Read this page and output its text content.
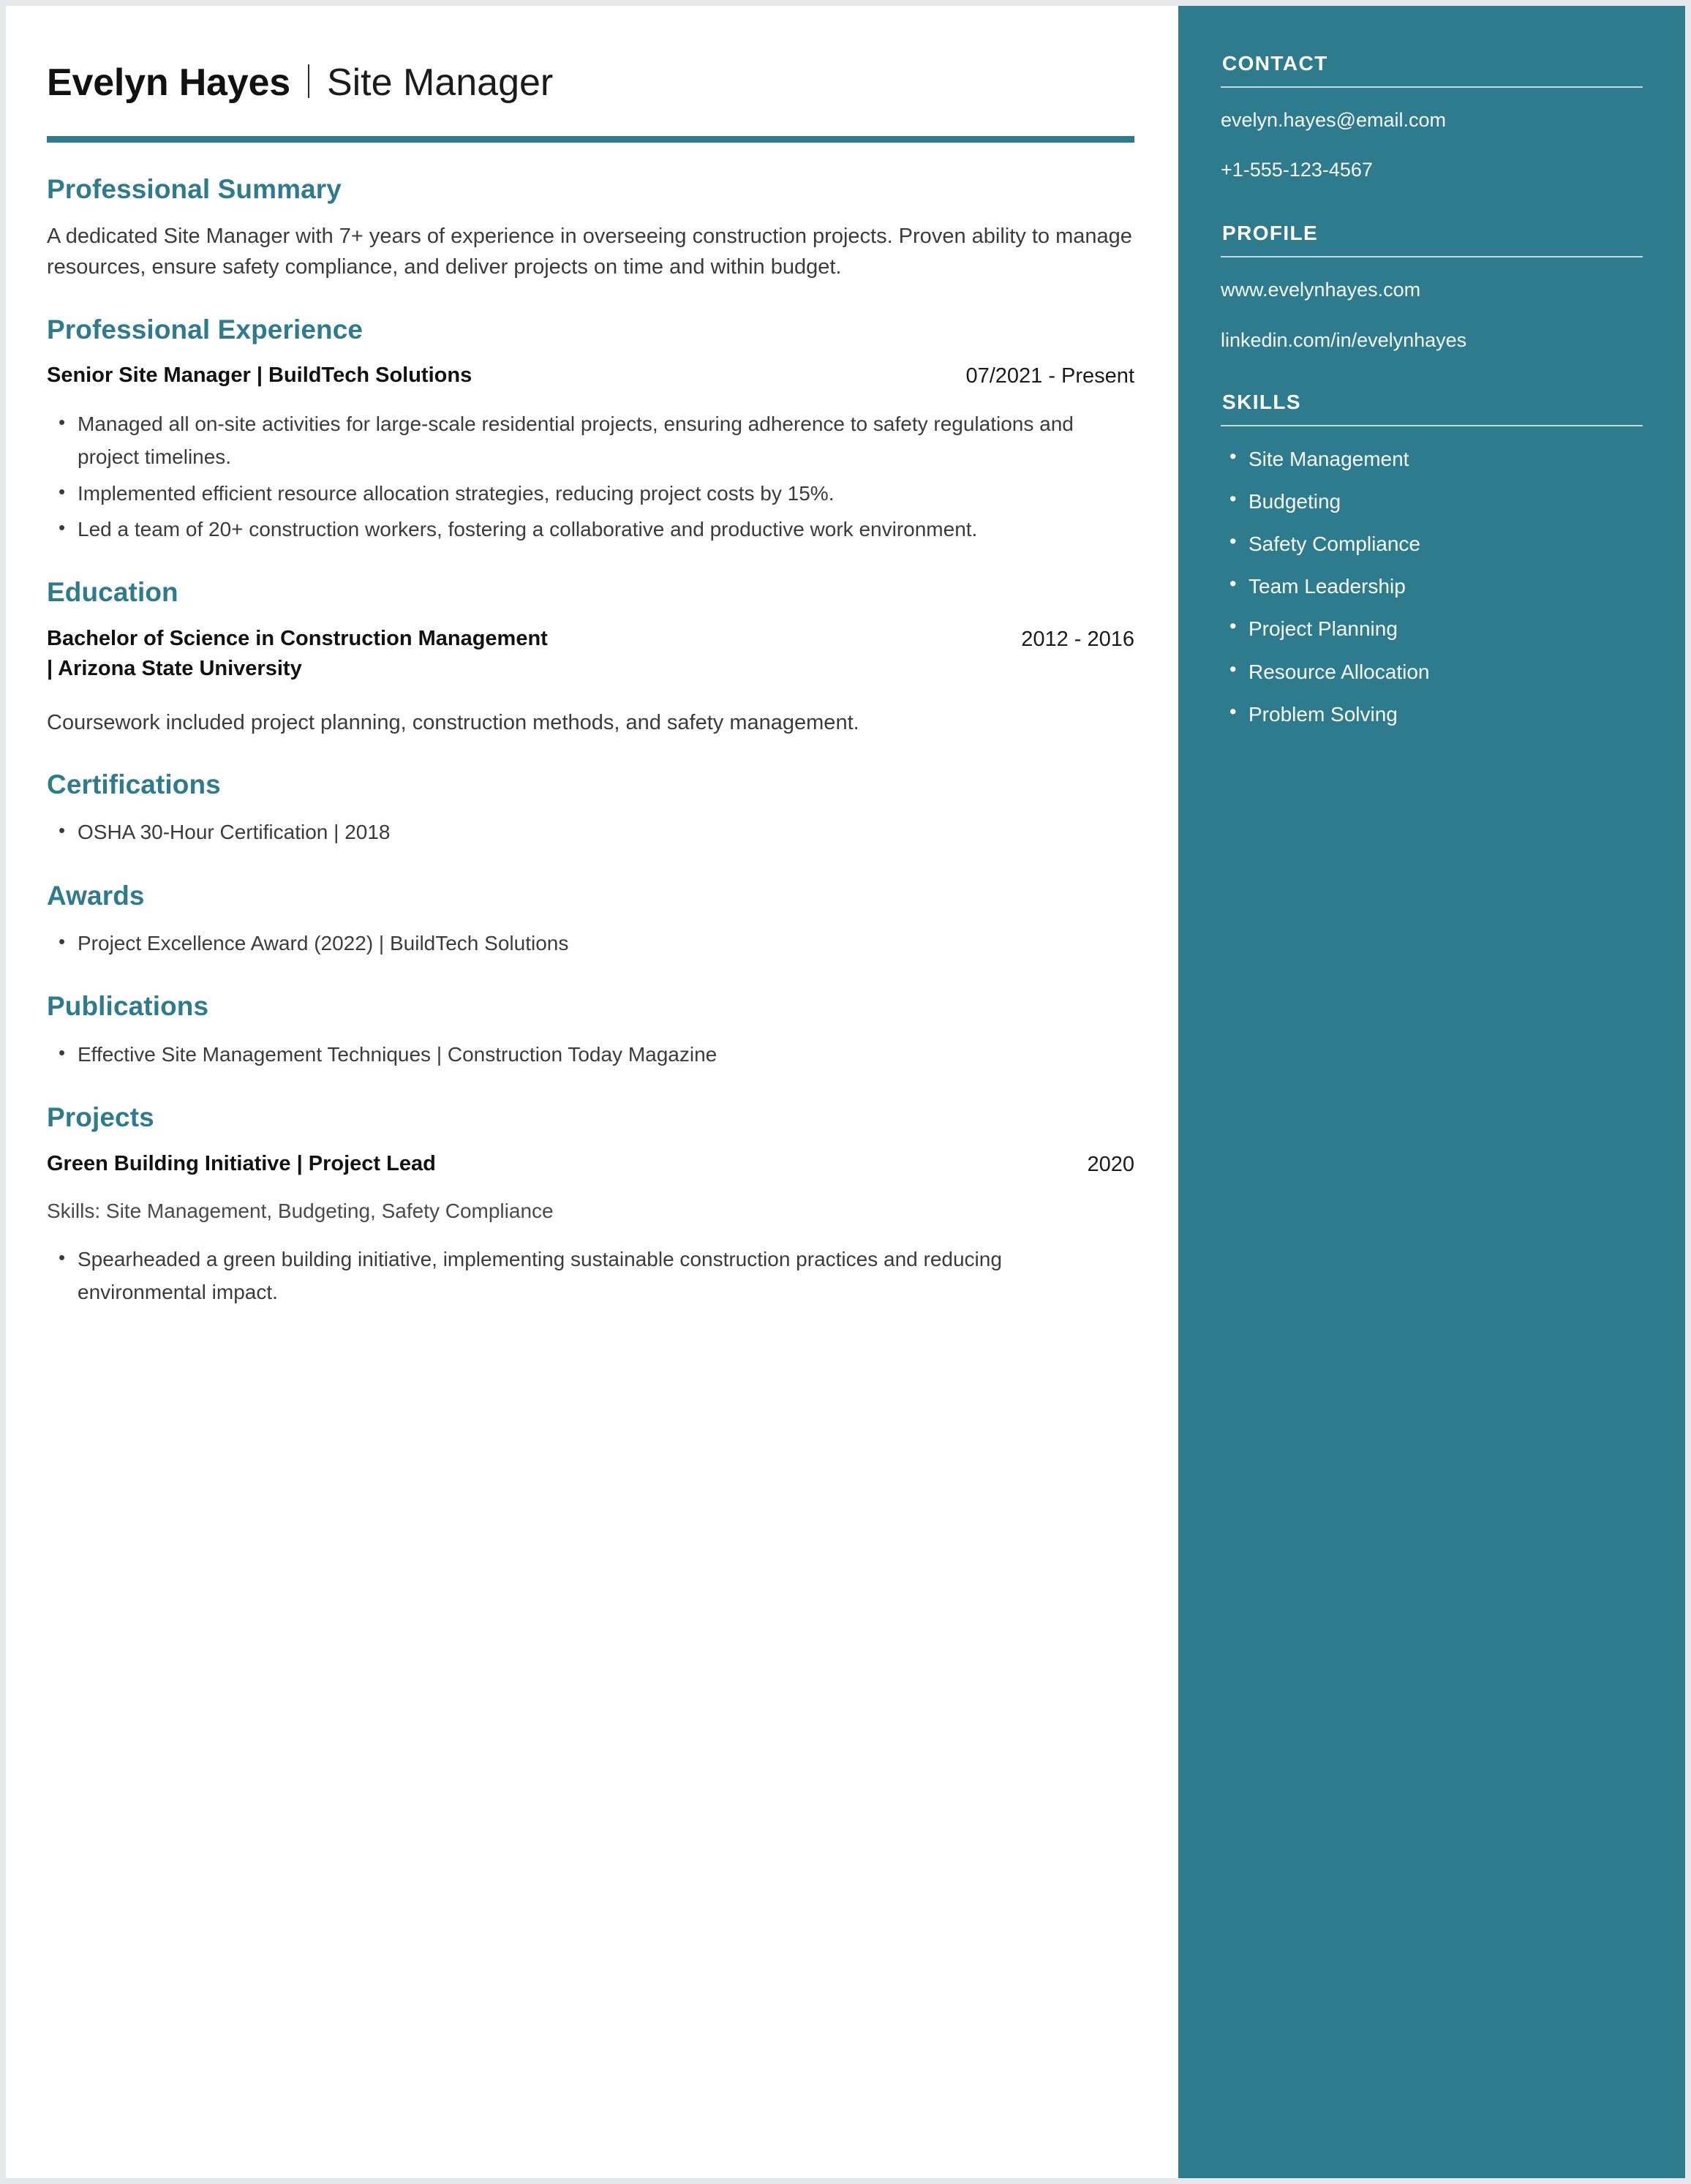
Evelyn Hayes Site Manager
Professional Summary

A dedicated Site Manager with 7+ years of experience in overseeing construction projects. Proven ability to manage resources, ensure safety compliance, and deliver projects on time and within budget.

Professional Experience
Senior Site Manager | BuildTech Solutions	07/2021 - Present
• Managed all on-site activities for large-scale residential projects, ensuring adherence to safety regulations and project timelines.
• Implemented efficient resource allocation strategies, reducing project costs by 15%.
• Led a team of 20+ construction workers, fostering a collaborative and productive work environment.
Education
Bachelor of Science in Construction Management	2012 - 2016
| Arizona State University
Coursework included project planning, construction methods, and safety management.
Certifications
• OSHA 30-Hour Certification | 2018
Awards
• Project Excellence Award (2022) | BuildTech Solutions
Publications
• Effective Site Management Techniques | Construction Today Magazine
Projects
Green Building Initiative | Project Lead	2020
Skills: Site Management, Budgeting, Safety Compliance
• Spearheaded a green building initiative, implementing sustainable construction practices and reducing environmental impact.
CONTACT
evelyn.hayes@email.com
+1-555-123-4567
PROFILE
www.evelynhayes.com
linkedin.com/in/evelynhayes
SKILLS
• Site Management
• Budgeting
• Safety Compliance
• Team Leadership
• Project Planning
• Resource Allocation
• Problem Solving
